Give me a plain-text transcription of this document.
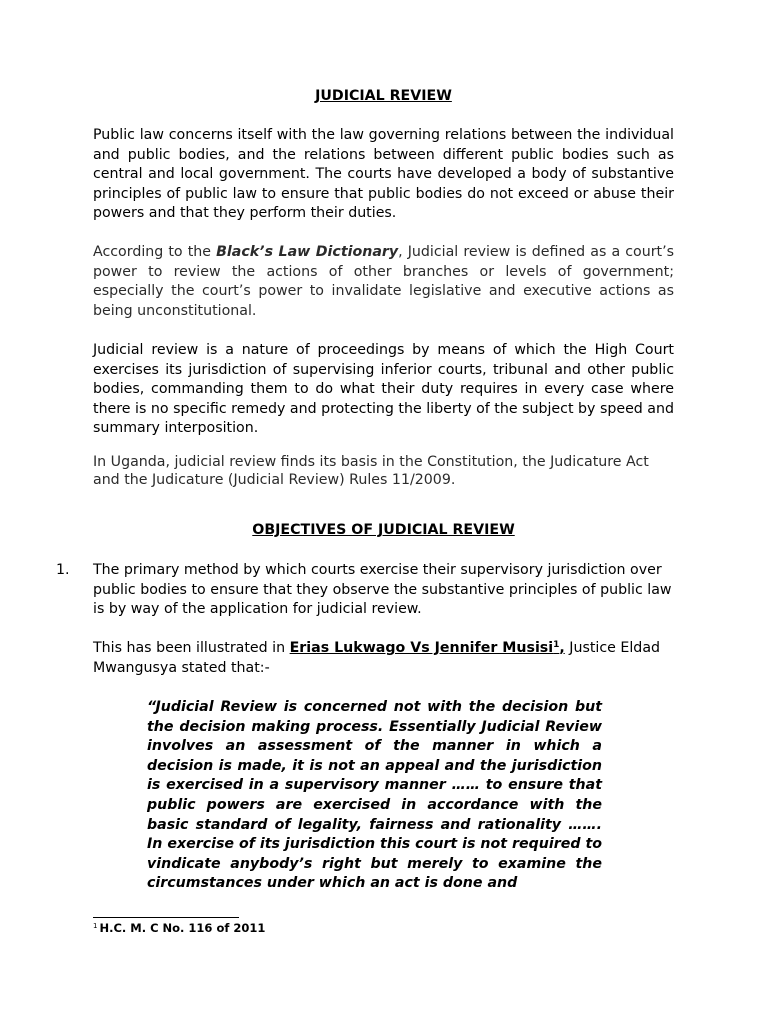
JUDICIAL REVIEW

Public law concerns itself with the law governing relations between the individual and public bodies, and the relations between different public bodies such as central and local government. The courts have developed a body of substantive principles of public law to ensure that public bodies do not exceed or abuse their powers and that they perform their duties.

According to the Black’s Law Dictionary, Judicial review is defined as a court’s power to review the actions of other branches or levels of government; especially the court’s power to invalidate legislative and executive actions as being unconstitutional.

Judicial review is a nature of proceedings by means of which the High Court exercises its jurisdiction of supervising inferior courts, tribunal and other public bodies, commanding them to do what their duty requires in every case where there is no specific remedy and protecting the liberty of the subject by speed and summary interposition.

In Uganda, judicial review finds its basis in the Constitution, the Judicature Act and the Judicature (Judicial Review) Rules 11/2009.

OBJECTIVES OF JUDICIAL REVIEW
1. The primary method by which courts exercise their supervisory jurisdiction over public bodies to ensure that they observe the substantive principles of public law is by way of the application for judicial review.

This has been illustrated in Erias Lukwago Vs Jennifer Musisi$^1$, Justice Eldad Mwangusya stated that:-

“Judicial Review is concerned not with the decision but the decision making process. Essentially Judicial Review involves an assessment of the manner in which a decision is made, it is not an appeal and the jurisdiction is exercised in a supervisory manner …… to ensure that public powers are exercised in accordance with the basic standard of legality, fairness and rationality ……. In exercise of its jurisdiction this court is not required to vindicate anybody’s right but merely to examine the circumstances under which an act is done and

$^1$ H.C. M. C No. 116 of 2011
